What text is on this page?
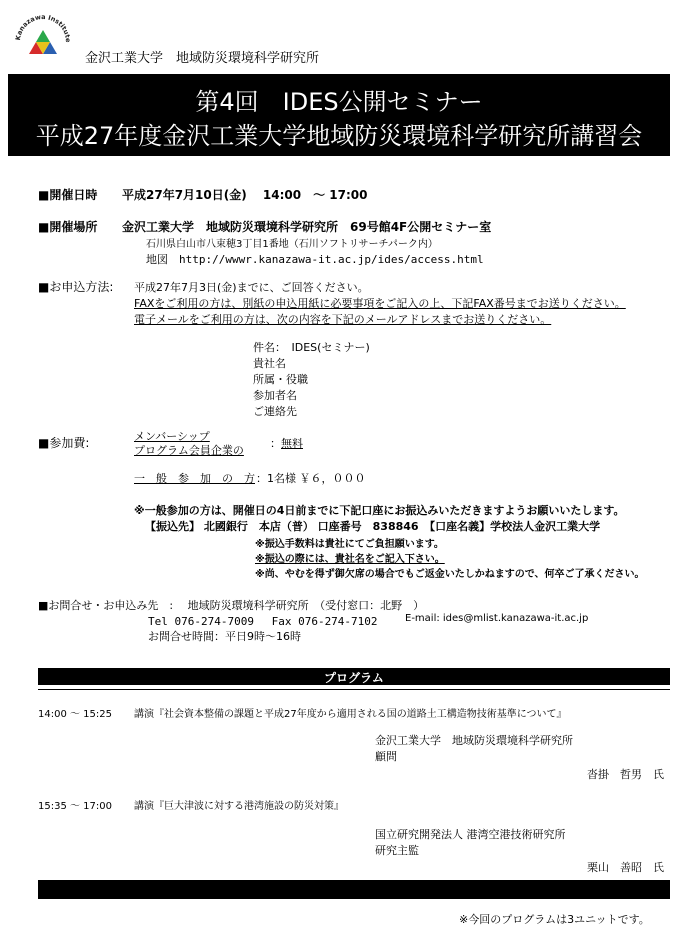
Kanazawa Institute
金沢工業大学　地域防災環境科学研究所
第4回　IDES公開セミナー
平成27年度金沢工業大学地域防災環境科学研究所講習会
■開催日時 平成27年7月10日(金)　 14:00　～ 17:00
■開催場所 金沢工業大学　地域防災環境科学研究所　69号館4F公開セミナー室
石川県白山市八束穂3丁目1番地（石川ソフトリサーチパーク内）
地図　http://wwwr.kanazawa-it.ac.jp/ides/access.html
■お申込方法: 平成27年7月3日(金)までに、ご回答ください。
FAXをご利用の方は、別紙の申込用紙に必要事項をご記入の上、下記FAX番号までお送りください。
電子メールをご利用の方は、次の内容を下記のメールアドレスまでお送りください。
件名：　IDES(セミナー)
貴社名
所属・役職
参加者名
ご連絡先
■参加費:	メンバーシップ
プログラム会員企業の
：無料
一　般　参　加　の　方 ：1名様 ￥６，０００
※一般参加の方は、開催日の4日前までに下記口座にお振込みいただきますようお願いいたします。
【振込先】 北國銀行　本店（普） 口座番号　838846　【口座名義】学校法人金沢工業大学
※振込手数料は貴社にてご負担願います。
※振込の際には、貴社名をご記入下さい。
※尚、やむを得ず御欠席の場合でもご返金いたしかねますので、何卒ご了承ください。
■お問合せ・お申込み先　:　 地域防災環境科学研究所　（受付窓口：北野　）
Tel 076-274-7009　 Fax 076-274-7102	E-mail: ides@mlist.kanazawa-it.ac.jp
お問合せ時間：平日9時～16時
プログラム
14:00 ～ 15:25 講演『社会資本整備の課題と平成27年度から適用される国の道路土工構造物技術基準について』
金沢工業大学　地域防災環境科学研究所
顧問
沓掛　哲男　氏
15:35 ～ 17:00 講演『巨大津波に対する港湾施設の防災対策』
国立研究開発法人 港湾空港技術研究所
研究主監
栗山　善昭　氏
※今回のプログラムは3ユニットです。
